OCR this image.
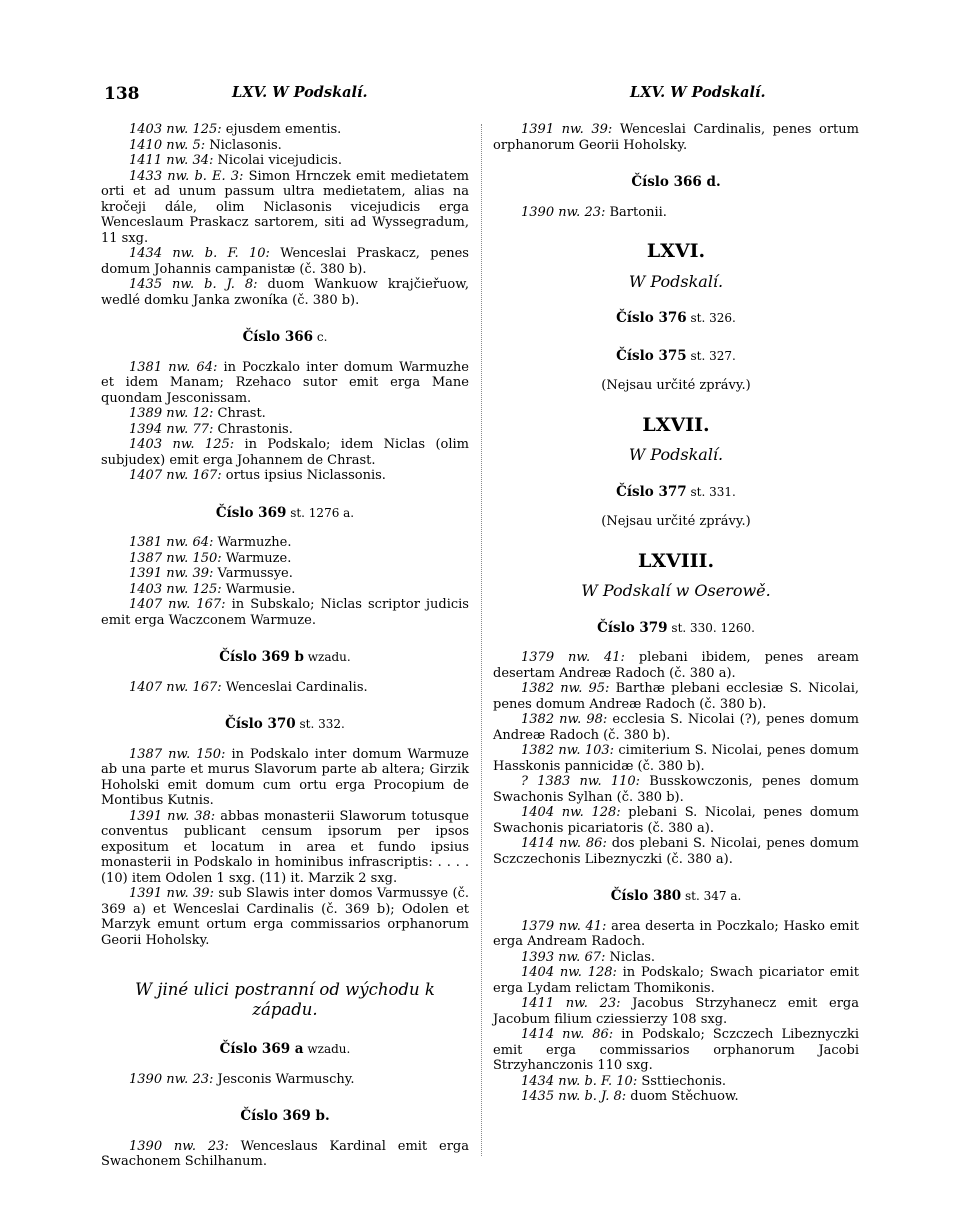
138	LXV. W Podskalí.	LXV. W Podskalí.

1403 nw. 125: ejusdem ementis.

1410 nw. 5: Niclasonis.

1411 nw. 34: Nicolai vicejudicis.

1433 nw. b. E. 3: Simon Hrnczek emit medietatem orti et ad unum passum ultra medietatem, alias na kročeji dále, olim Niclasonis vicejudicis erga Wenceslaum Praskacz sartorem, siti ad Wyssegradum, 11 sxg.

1434 nw. b. F. 10: Wenceslai Praskacz, penes domum Johannis campanistæ (č. 380 b).

1435 nw. b. J. 8: duom Wankuow krajčieřuow, wedlé domku Janka zwoníka (č. 380 b).

Číslo 366 c.

1381 nw. 64: in Poczkalo inter domum Warmuzhe et idem Manam; Rzehaco sutor emit erga Mane quondam Jesconissam.

1389 nw. 12: Chrast.

1394 nw. 77: Chrastonis.

1403 nw. 125: in Podskalo; idem Niclas (olim subjudex) emit erga Johannem de Chrast.

1407 nw. 167: ortus ipsius Niclassonis.

Číslo 369 st. 1276 a.

1381 nw. 64: Warmuzhe.

1387 nw. 150: Warmuze.

1391 nw. 39: Varmussye.

1403 nw. 125: Warmusie.

1407 nw. 167: in Subskalo; Niclas scriptor judicis emit erga Waczconem Warmuze.

Číslo 369 b wzadu.

1407 nw. 167: Wenceslai Cardinalis.

Číslo 370 st. 332.

1387 nw. 150: in Podskalo inter domum Warmuze ab una parte et murus Slavorum parte ab altera; Girzik Hoholski emit domum cum ortu erga Procopium de Montibus Kutnis.

1391 nw. 38: abbas monasterii Slaworum totusque conventus publicant censum ipsorum per ipsos expositum et locatum in area et fundo ipsius monasterii in Podskalo in hominibus infrascriptis: . . . . (10) item Odolen 1 sxg. (11) it. Marzik 2 sxg.

1391 nw. 39: sub Slawis inter domos Varmussye (č. 369 a) et Wenceslai Cardinalis (č. 369 b); Odolen et Marzyk emunt ortum erga commissarios orphanorum Georii Hoholsky.

W jiné ulici postranní od wýchodu k západu.
Číslo 369 a wzadu.

1390 nw. 23: Jesconis Warmuschy.

Číslo 369 b.

1390 nw. 23: Wenceslaus Kardinal emit erga Swachonem Schilhanum.

1391 nw. 39: Wenceslai Cardinalis, penes ortum orphanorum Georii Hoholsky.

Číslo 366 d.

1390 nw. 23: Bartonii.

LXVI.
W Podskalí.
Číslo 376 st. 326.
Číslo 375 st. 327.
(Nejsau určité zprávy.)
LXVII.
W Podskalí.
Číslo 377 st. 331.
(Nejsau určité zprávy.)
LXVIII.
W Podskalí w Oserowě.
Číslo 379 st. 330. 1260.

1379 nw. 41: plebani ibidem, penes aream desertam Andreæ Radoch (č. 380 a).

1382 nw. 95: Barthæ plebani ecclesiæ S. Nicolai, penes domum Andreæ Radoch (č. 380 b).

1382 nw. 98: ecclesia S. Nicolai (?), penes domum Andreæ Radoch (č. 380 b).

1382 nw. 103: cimiterium S. Nicolai, penes domum Hasskonis pannicidæ (č. 380 b).

? 1383 nw. 110: Busskowczonis, penes domum Swachonis Sylhan (č. 380 b).

1404 nw. 128: plebani S. Nicolai, penes domum Swachonis picariatoris (č. 380 a).

1414 nw. 86: dos plebani S. Nicolai, penes domum Sczczechonis Libeznyczki (č. 380 a).

Číslo 380 st. 347 a.

1379 nw. 41: area deserta in Poczkalo; Hasko emit erga Andream Radoch.

1393 nw. 67: Niclas.

1404 nw. 128: in Podskalo; Swach picariator emit erga Lydam relictam Thomikonis.

1411 nw. 23: Jacobus Strzyhanecz emit erga Jacobum filium cziessierzy 108 sxg.

1414 nw. 86: in Podskalo; Sczczech Libeznyczki emit erga commissarios orphanorum Jacobi Strzyhanczonis 110 sxg.

1434 nw. b. F. 10: Ssttiechonis.

1435 nw. b. J. 8: duom Stěchuow.
